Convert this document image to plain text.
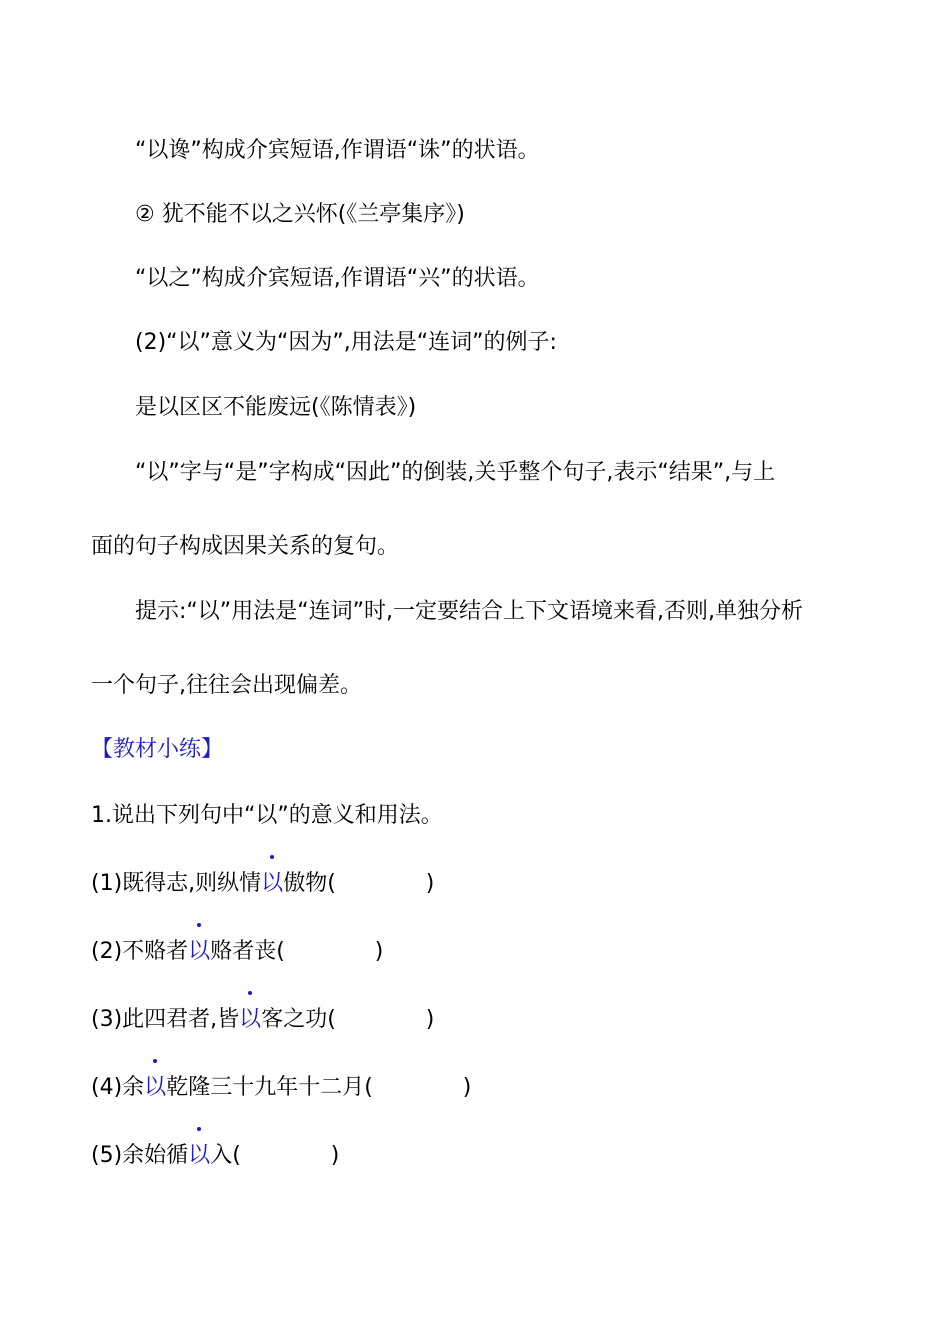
“以谗”构成介宾短语,作谓语“诛”的状语。
② 犹不能不以之兴怀(《兰亭集序》)
“以之”构成介宾短语,作谓语“兴”的状语。
(2)“以”意义为“因为”,用法是“连词”的例子:
是以区区不能废远(《陈情表》)
“以”字与“是”字构成“因此”的倒装,关乎整个句子,表示“结果”,与上
面的句子构成因果关系的复句。
提示:“以”用法是“连词”时,一定要结合上下文语境来看,否则,单独分析
一个句子,往往会出现偏差。
【教材小练】
1.说出下列句中“以”的意义和用法。
(1)既得志,则纵情以傲物(	)
(2)不赂者以赂者丧(	)
(3)此四君者,皆以客之功(	)
(4)余以乾隆三十九年十二月(	)
(5)余始循以入(	)
